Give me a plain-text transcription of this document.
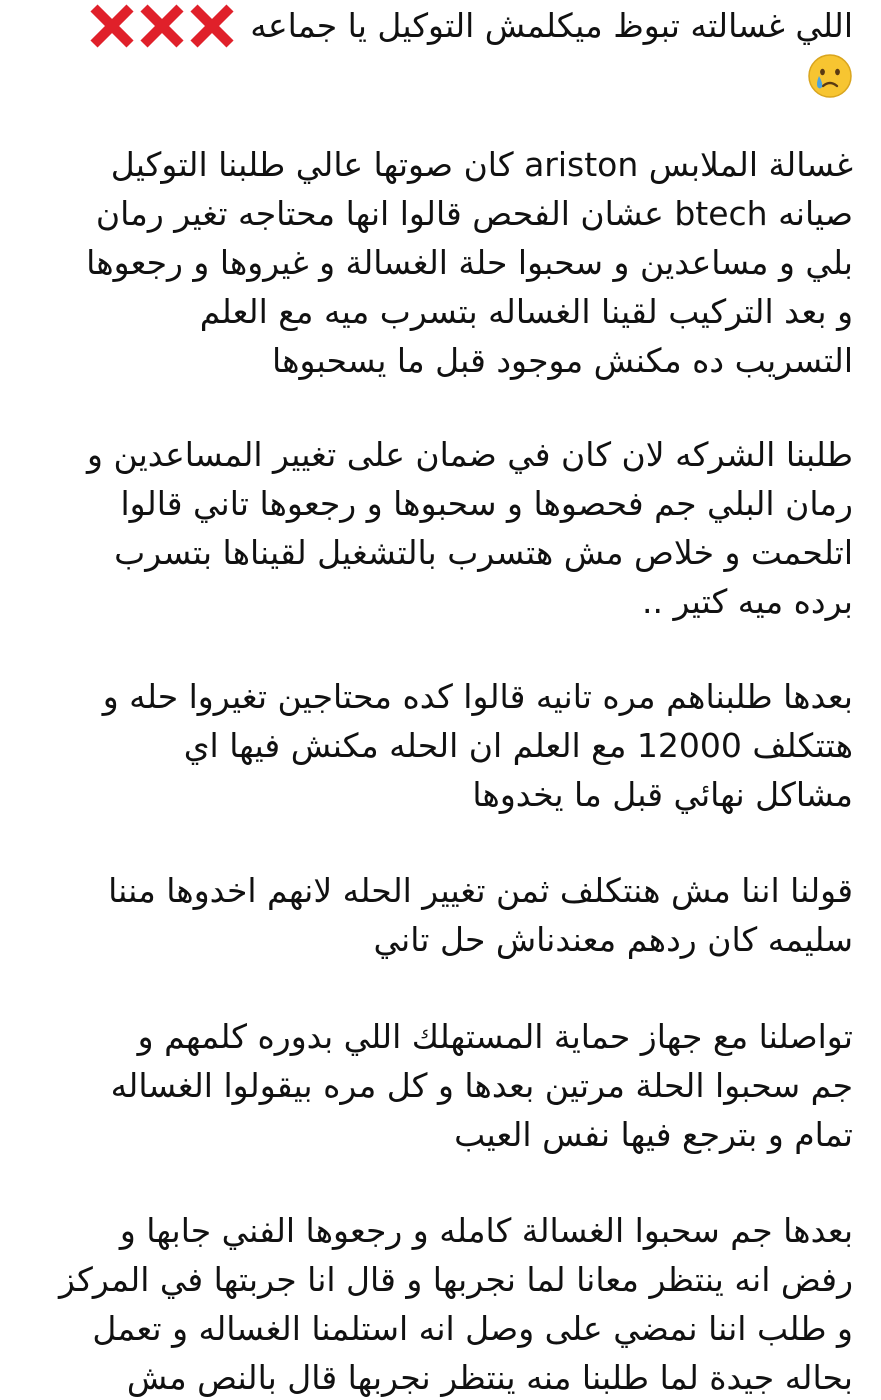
اللي غسالته تبوظ ميكلمش التوكيل يا جماعه
غسالة الملابس ariston كان صوتها عالي طلبنا التوكيل
صيانه btech عشان الفحص قالوا انها محتاجه تغير رمان
بلي و مساعدين و سحبوا حلة الغسالة و غيروها و رجعوها
و بعد التركيب لقينا الغساله بتسرب ميه مع العلم
التسريب ده مكنش موجود قبل ما يسحبوها
طلبنا الشركه لان كان في ضمان على تغيير المساعدين و
رمان البلي جم فحصوها و سحبوها و رجعوها تاني قالوا
اتلحمت و خلاص مش هتسرب بالتشغيل لقيناها بتسرب
برده ميه كتير ..
بعدها طلبناهم مره تانيه قالوا كده محتاجين تغيروا حله و
هتتكلف 12000 مع العلم ان الحله مكنش فيها اي
مشاكل نهائي قبل ما يخدوها
قولنا اننا مش هنتكلف ثمن تغيير الحله لانهم اخدوها مننا
سليمه كان ردهم معندناش حل تاني
تواصلنا مع جهاز حماية المستهلك اللي بدوره كلمهم و
جم سحبوا الحلة مرتين بعدها و كل مره بيقولوا الغساله
تمام و بترجع فيها نفس العيب
بعدها جم سحبوا الغسالة كامله و رجعوها الفني جابها و
رفض انه ينتظر معانا لما نجربها و قال انا جربتها في المركز
و طلب اننا نمضي على وصل انه استلمنا الغساله و تعمل
بحاله جيدة لما طلبنا منه ينتظر نجربها قال بالنص مش
